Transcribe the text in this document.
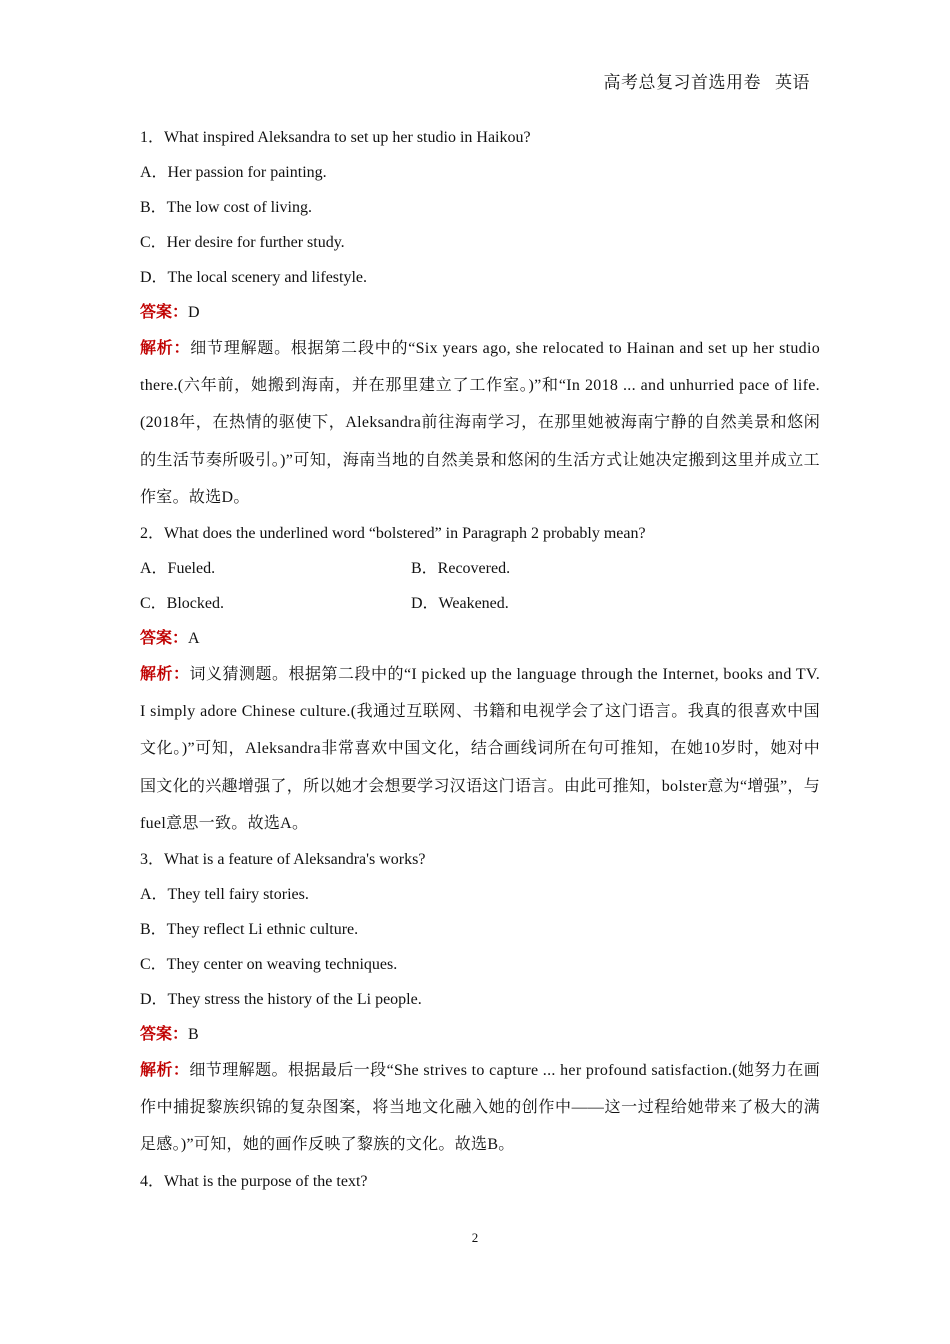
高考总复习首选用卷 英语
1．What inspired Aleksandra to set up her studio in Haikou?
A．Her passion for painting.
B．The low cost of living.
C．Her desire for further study.
D．The local scenery and lifestyle.
答案：D
解析：细节理解题。根据第二段中的“Six years ago, she relocated to Hainan and set up her studio there.(六年前，她搬到海南，并在那里建立了工作室。)”和“In 2018 ... and unhurried pace of life.(2018年，在热情的驱使下，Aleksandra前往海南学习，在那里她被海南宁静的自然美景和悠闲的生活节奏所吸引。)”可知，海南当地的自然美景和悠闲的生活方式让她决定搬到这里并成立工作室。故选D。
2．What does the underlined word “bolstered” in Paragraph 2 probably mean?
A．Fueled.	B．Recovered.
C．Blocked.	D．Weakened.
答案：A
解析：词义猜测题。根据第二段中的“I picked up the language through the Internet, books and TV. I simply adore Chinese culture.(我通过互联网、书籍和电视学会了这门语言。我真的很喜欢中国文化。)”可知，Aleksandra非常喜欢中国文化，结合画线词所在句可推知，在她10岁时，她对中国文化的兴趣增强了，所以她才会想要学习汉语这门语言。由此可推知，bolster意为“增强”，与fuel意思一致。故选A。
3．What is a feature of Aleksandra's works?
A．They tell fairy stories.
B．They reflect Li ethnic culture.
C．They center on weaving techniques.
D．They stress the history of the Li people.
答案：B
解析：细节理解题。根据最后一段“She strives to capture ... her profound satisfaction.(她努力在画作中捕捉黎族织锦的复杂图案，将当地文化融入她的创作中——这一过程给她带来了极大的满足感。)”可知，她的画作反映了黎族的文化。故选B。
4．What is the purpose of the text?
2
